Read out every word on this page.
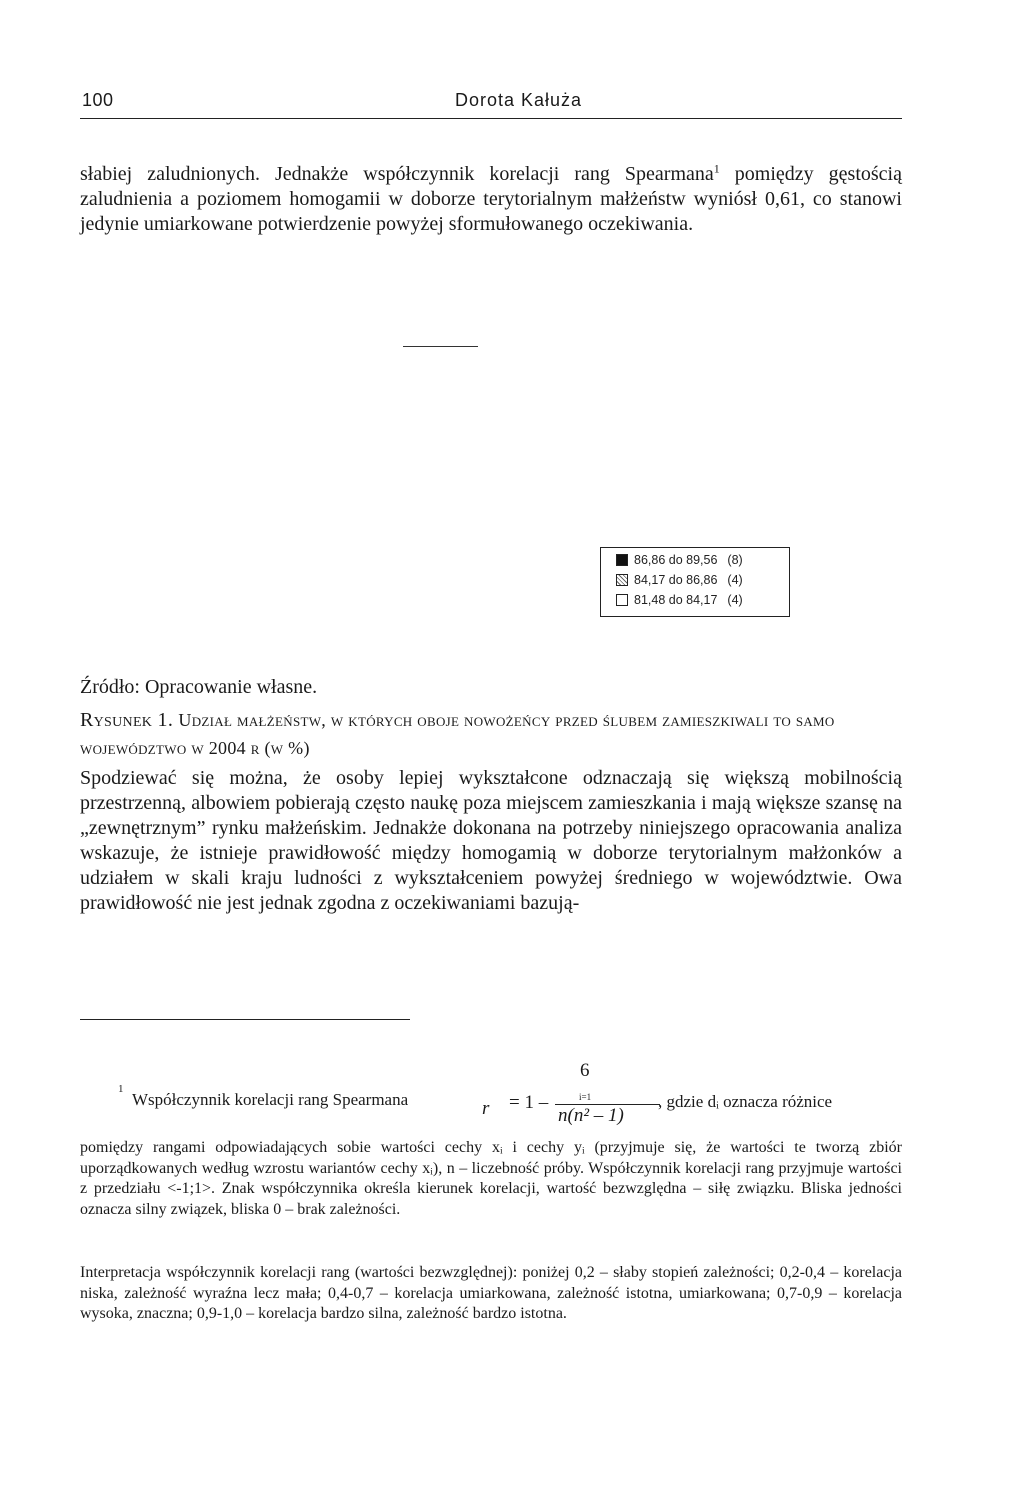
100	Dorota Kałuża

słabiej zaludnionych. Jednakże współczynnik korelacji rang Spearmana$^1$ pomiędzy gęstością zaludnienia a poziomem homogamii w doborze terytorialnym małżeństw wyniósł 0,61, co stanowi jedynie umiarkowane potwierdzenie powyżej sformułowanego oczekiwania.

86,86 do 89,56 (8)
84,17 do 86,86 (4)
81,48 do 84,17 (4)
Źródło: Opracowanie własne.
Rysunek 1. Udział małżeństw, w których oboje nowożeńcy przed ślubem zamieszkiwali to samo województwo w 2004 r (w %)

Spodziewać się można, że osoby lepiej wykształcone odznaczają się większą mobilnością przestrzenną, albowiem pobierają często naukę poza miejscem zamieszkania i mają większe szansę na „zewnętrznym” rynku małżeńskim. Jednakże dokonana na potrzeby niniejszego opracowania analiza wskazuje, że istnieje prawidłowość między homogamią w doborze terytorialnym małżonków a udziałem w skali kraju ludności z wykształceniem powyżej średniego w województwie. Owa prawidłowość nie jest jednak zgodna z oczekiwaniami bazują-

1
Współczynnik korelacji rang Spearmana	r = 1 –
6
i=1
n(n² – 1)
, gdzie dᵢ oznacza różnice

pomiędzy rangami odpowiadających sobie wartości cechy xᵢ i cechy yᵢ (przyjmuje się, że wartości te tworzą zbiór uporządkowanych według wzrostu wariantów cechy xᵢ), n – liczebność próby. Współczynnik korelacji rang przyjmuje wartości z przedziału <-1;1>. Znak współczynnika określa kierunek korelacji, wartość bezwzględna – siłę związku. Bliska jedności oznacza silny związek, bliska 0 – brak zależności.

Interpretacja współczynnik korelacji rang (wartości bezwzględnej): poniżej 0,2 – słaby stopień zależności; 0,2-0,4 – korelacja niska, zależność wyraźna lecz mała; 0,4-0,7 – korelacja umiarkowana, zależność istotna, umiarkowana; 0,7-0,9 – korelacja wysoka, znaczna; 0,9-1,0 – korelacja bardzo silna, zależność bardzo istotna.
